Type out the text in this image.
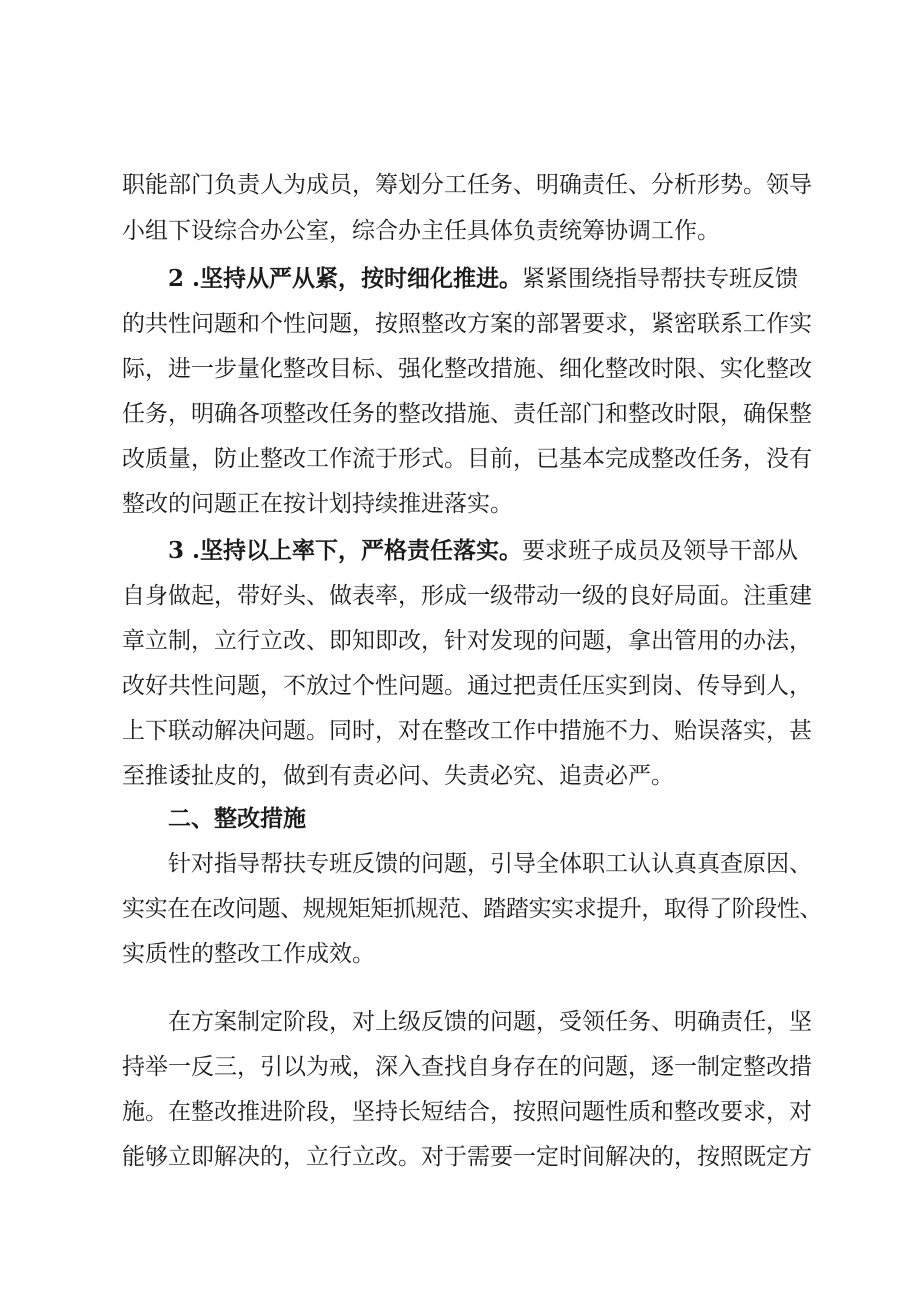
职能部门负责人为成员，筹划分工任务、明确责任、分析形势。领导
小组下设综合办公室，综合办主任具体负责统筹协调工作。
2 .坚持从严从紧，按时细化推进。紧紧围绕指导帮扶专班反馈
的共性问题和个性问题，按照整改方案的部署要求，紧密联系工作实
际，进一步量化整改目标、强化整改措施、细化整改时限、实化整改
任务，明确各项整改任务的整改措施、责任部门和整改时限，确保整
改质量，防止整改工作流于形式。目前，已基本完成整改任务，没有
整改的问题正在按计划持续推进落实。
3 .坚持以上率下，严格责任落实。要求班子成员及领导干部从
自身做起，带好头、做表率，形成一级带动一级的良好局面。注重建
章立制，立行立改、即知即改，针对发现的问题，拿出管用的办法，
改好共性问题，不放过个性问题。通过把责任压实到岗、传导到人，
上下联动解决问题。同时，对在整改工作中措施不力、贻误落实，甚
至推诿扯皮的，做到有责必问、失责必究、追责必严。
二、整改措施
针对指导帮扶专班反馈的问题，引导全体职工认认真真查原因、
实实在在改问题、规规矩矩抓规范、踏踏实实求提升，取得了阶段性、
实质性的整改工作成效。
在方案制定阶段，对上级反馈的问题，受领任务、明确责任，坚
持举一反三，引以为戒，深入查找自身存在的问题，逐一制定整改措
施。在整改推进阶段，坚持长短结合，按照问题性质和整改要求，对
能够立即解决的，立行立改。对于需要一定时间解决的，按照既定方
